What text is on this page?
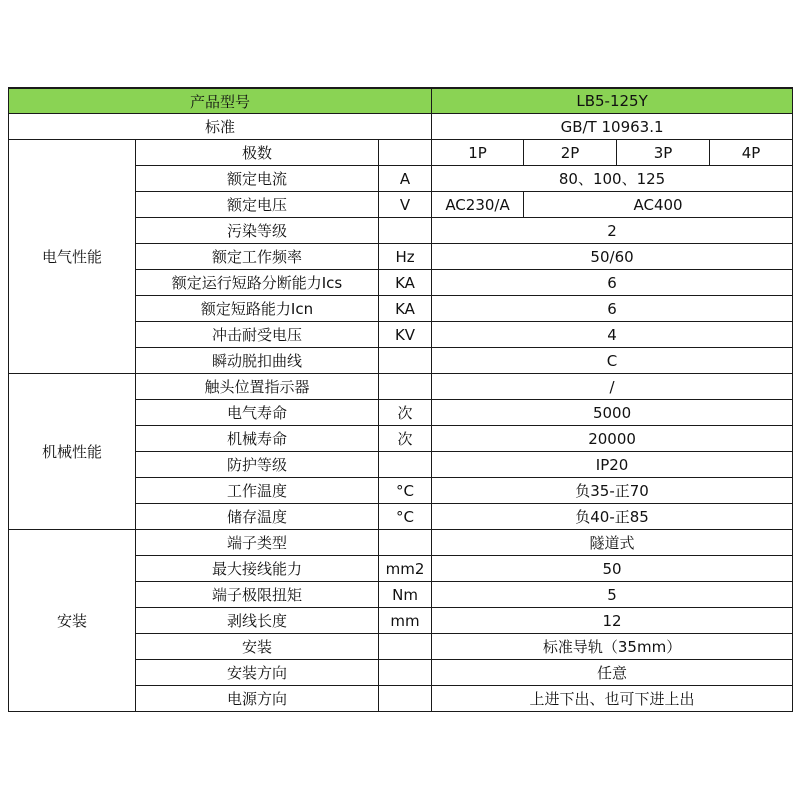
产品型号			LB5-125Y			
标准			GB/T 10963.1			
电气性能	极数		1P	2P	3P	4P
	额定电流	A	80、100、125			
	额定电压	V	AC230/A	AC400		
	污染等级		2			
	额定工作频率	Hz	50/60			
	额定运行短路分断能力Ics	KA	6			
	额定短路能力Icn	KA	6			
	冲击耐受电压	KV	4			
	瞬动脱扣曲线		C			
机械性能	触头位置指示器		/			
	电气寿命	次	5000			
	机械寿命	次	20000			
	防护等级		IP20			
	工作温度	°C	负35-正70			
	储存温度	°C	负40-正85			
安装	端子类型		隧道式			
	最大接线能力	mm2	50			
	端子极限扭矩	Nm	5			
	剥线长度	mm	12			
	安装		标准导轨（35mm）			
	安装方向		任意			
	电源方向		上进下出、也可下进上出			
